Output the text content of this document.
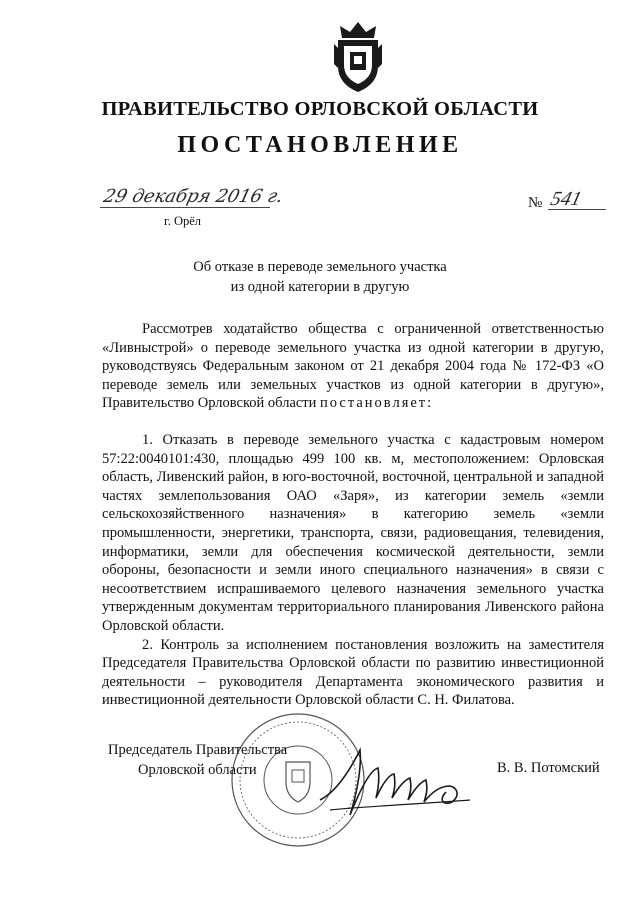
ПРАВИТЕЛЬСТВО ОРЛОВСКОЙ ОБЛАСТИ
ПОСТАНОВЛЕНИЕ
29 декабря 2016 г.
г. Орёл
№ 541
Об отказе в переводе земельного участка
из одной категории в другую

Рассмотрев ходатайство общества с ограниченной ответственностью «Ливныстрой» о переводе земельного участка из одной категории в другую, руководствуясь Федеральным законом от 21 декабря 2004 года № 172-ФЗ «О переводе земель или земельных участков из одной категории в другую», Правительство Орловской области постановляет:

1. Отказать в переводе земельного участка с кадастровым номером 57:22:0040101:430, площадью 499 100 кв. м, местоположением: Орловская область, Ливенский район, в юго-восточной, восточной, центральной и западной частях землепользования ОАО «Заря», из категории земель «земли сельскохозяйственного назначения» в категорию земель «земли промышленности, энергетики, транспорта, связи, радиовещания, телевидения, информатики, земли для обеспечения космической деятельности, земли обороны, безопасности и земли иного специального назначения» в связи с несоответствием испрашиваемого целевого назначения земельного участка утвержденным документам территориального планирования Ливенского района Орловской области.

2. Контроль за исполнением постановления возложить на заместителя Председателя Правительства Орловской области по развитию инвестиционной деятельности – руководителя Департамента экономического развития и инвестиционной деятельности Орловской области С. Н. Филатова.

Председатель Правительства
Орловской области	В. В. Потомский
